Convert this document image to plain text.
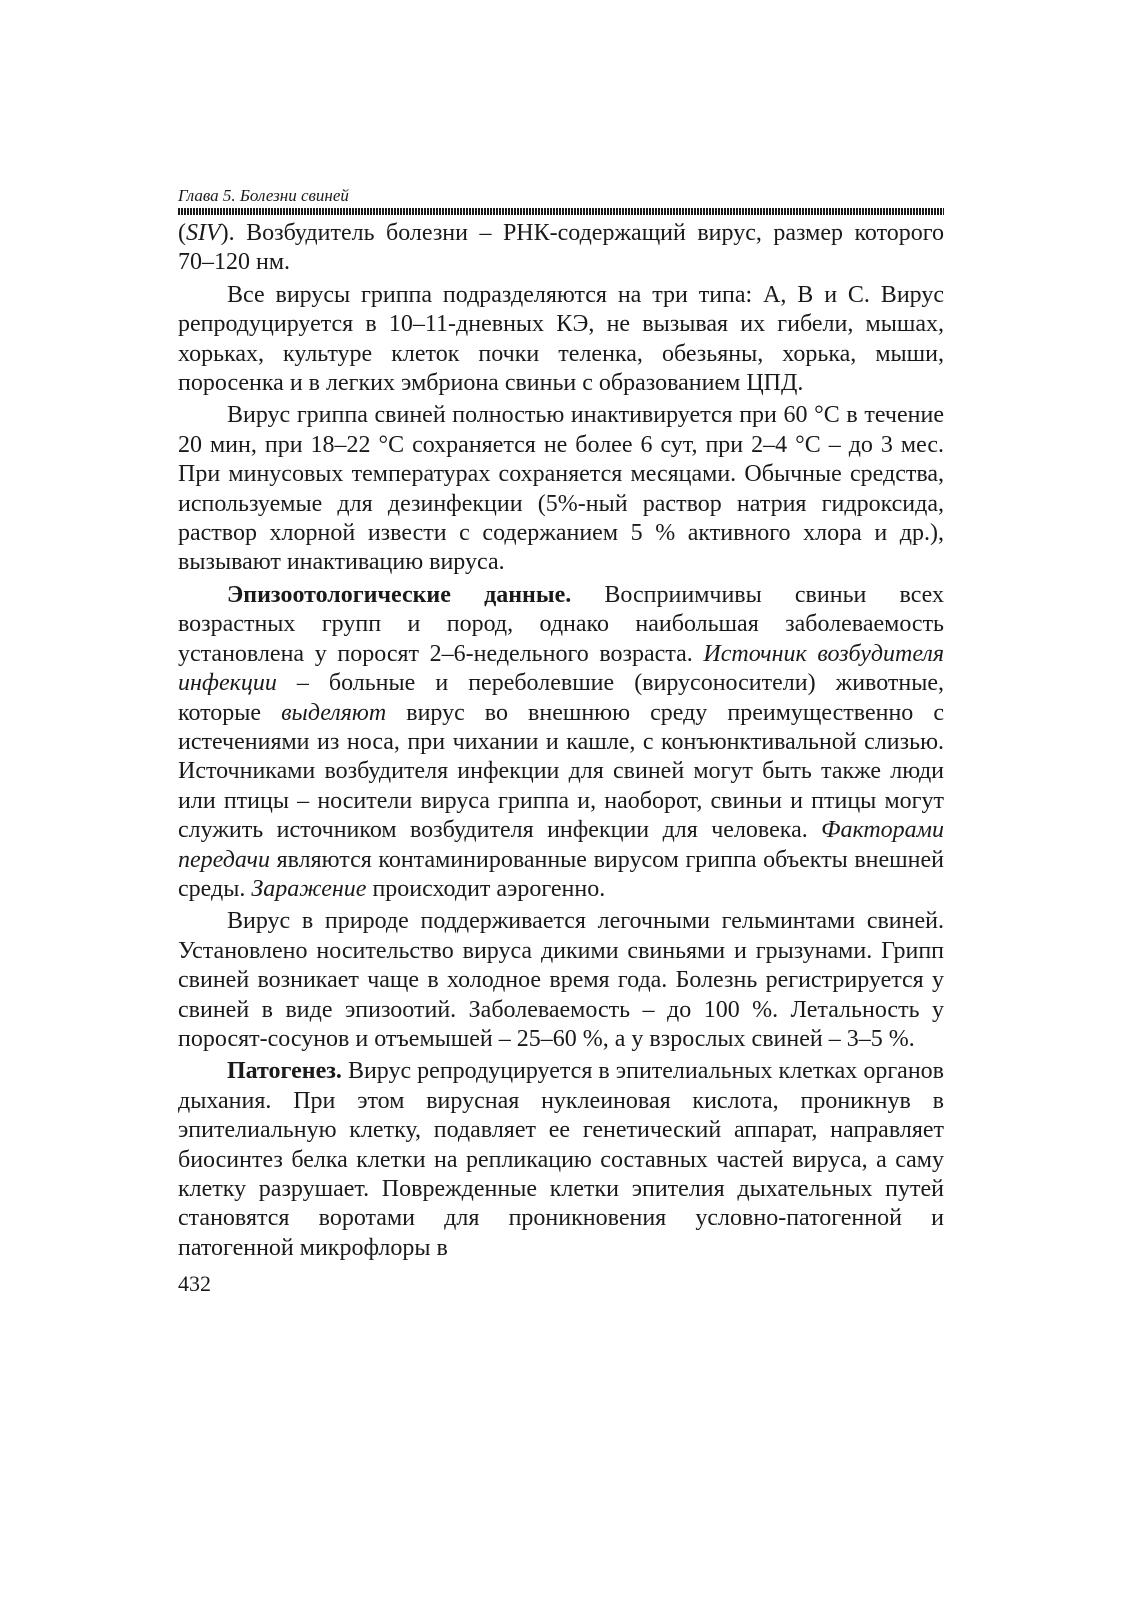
Глава 5. Болезни свиней

(SIV). Возбудитель болезни – РНК-содержащий вирус, размер которого 70–120 нм.

Все вирусы гриппа подразделяются на три типа: А, В и С. Вирус репродуцируется в 10–11-дневных КЭ, не вызывая их гибели, мышах, хорьках, культуре клеток почки теленка, обезьяны, хорька, мыши, поросенка и в легких эмбриона свиньи с образованием ЦПД.

Вирус гриппа свиней полностью инактивируется при 60 °С в течение 20 мин, при 18–22 °С сохраняется не более 6 сут, при 2–4 °С – до 3 мес. При минусовых температурах сохраняется месяцами. Обычные средства, используемые для дезинфекции (5%-ный раствор натрия гидроксида, раствор хлорной извести с содержанием 5 % активного хлора и др.), вызывают инактивацию вируса.

Эпизоотологические данные. Восприимчивы свиньи всех возрастных групп и пород, однако наибольшая заболеваемость установлена у поросят 2–6-недельного возраста. Источник возбудителя инфекции – больные и переболевшие (вирусоносители) животные, которые выделяют вирус во внешнюю среду преимущественно с истечениями из носа, при чихании и кашле, с конъюнктивальной слизью. Источниками возбудителя инфекции для свиней могут быть также люди или птицы – носители вируса гриппа и, наоборот, свиньи и птицы могут служить источником возбудителя инфекции для человека. Факторами передачи являются контаминированные вирусом гриппа объекты внешней среды. Заражение происходит аэрогенно.

Вирус в природе поддерживается легочными гельминтами свиней. Установлено носительство вируса дикими свиньями и грызунами. Грипп свиней возникает чаще в холодное время года. Болезнь регистрируется у свиней в виде эпизоотий. Заболеваемость – до 100 %. Летальность у поросят-сосунов и отъемышей – 25–60 %, а у взрослых свиней – 3–5 %.

Патогенез. Вирус репродуцируется в эпителиальных клетках органов дыхания. При этом вирусная нуклеиновая кислота, проникнув в эпителиальную клетку, подавляет ее генетический аппарат, направляет биосинтез белка клетки на репликацию составных частей вируса, а саму клетку разрушает. Поврежденные клетки эпителия дыхательных путей становятся воротами для проникновения условно-патогенной и патогенной микрофлоры в

432
